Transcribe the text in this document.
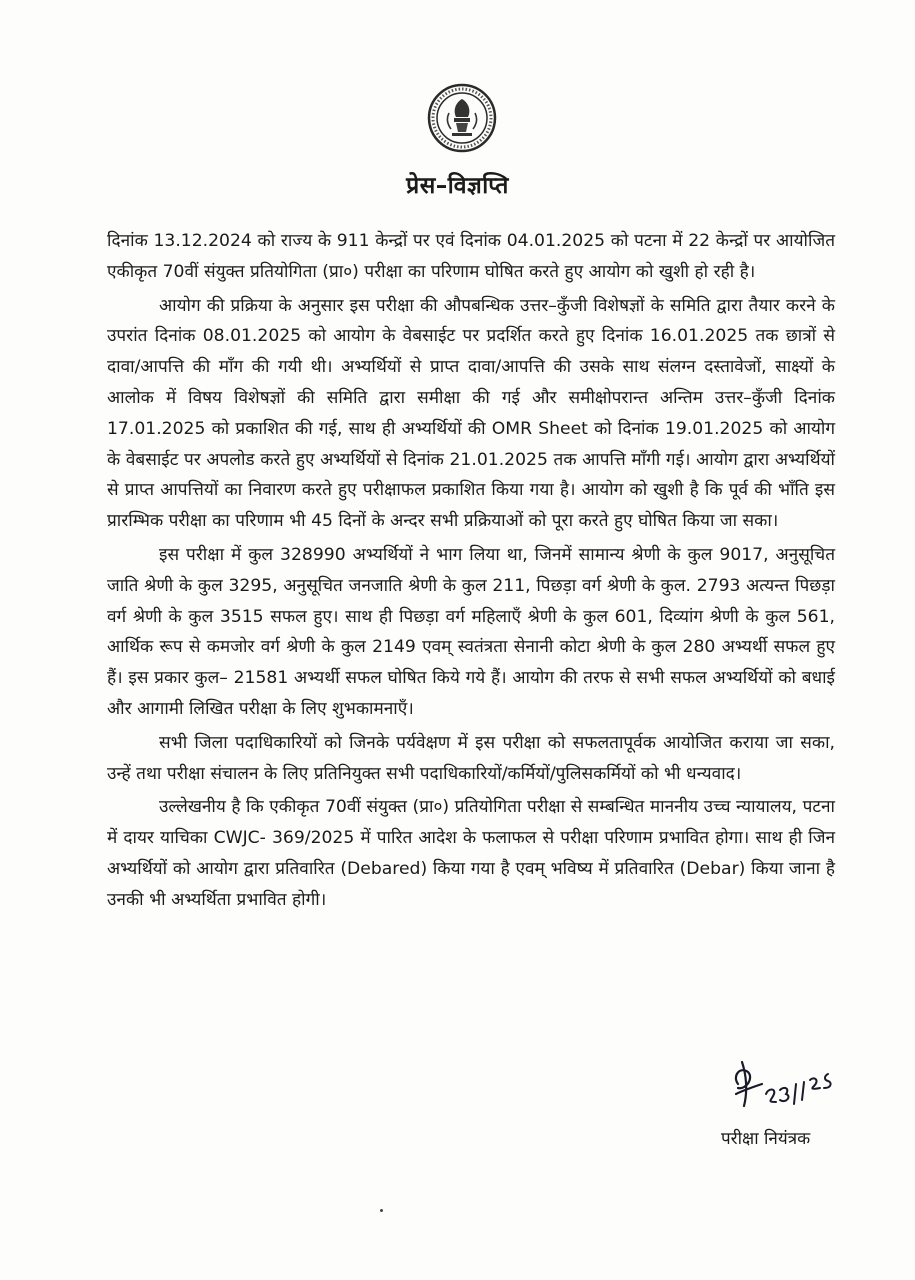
प्रेस–विज्ञप्ति

दिनांक 13.12.2024 को राज्य के 911 केन्द्रों पर एवं दिनांक 04.01.2025 को पटना में 22 केन्द्रों पर आयोजित एकीकृत 70वीं संयुक्त प्रतियोगिता (प्रा०) परीक्षा का परिणाम घोषित करते हुए आयोग को खुशी हो रही है।

आयोग की प्रक्रिया के अनुसार इस परीक्षा की औपबन्धिक उत्तर–कुँजी विशेषज्ञों के समिति द्वारा तैयार करने के उपरांत दिनांक 08.01.2025 को आयोग के वेबसाईट पर प्रदर्शित करते हुए दिनांक 16.01.2025 तक छात्रों से दावा/आपत्ति की माँग की गयी थी। अभ्यर्थियों से प्राप्त दावा/आपत्ति की उसके साथ संलग्न दस्तावेजों, साक्ष्यों के आलोक में विषय विशेषज्ञों की समिति द्वारा समीक्षा की गई और समीक्षोपरान्त अन्तिम उत्तर–कुँजी दिनांक 17.01.2025 को प्रकाशित की गई, साथ ही अभ्यर्थियों की OMR Sheet को दिनांक 19.01.2025 को आयोग के वेबसाईट पर अपलोड करते हुए अभ्यर्थियों से दिनांक 21.01.2025 तक आपत्ति माँगी गई। आयोग द्वारा अभ्यर्थियों से प्राप्त आपत्तियों का निवारण करते हुए परीक्षाफल प्रकाशित किया गया है। आयोग को खुशी है कि पूर्व की भाँति इस प्रारम्भिक परीक्षा का परिणाम भी 45 दिनों के अन्दर सभी प्रक्रियाओं को पूरा करते हुए घोषित किया जा सका।

इस परीक्षा में कुल 328990 अभ्यर्थियों ने भाग लिया था, जिनमें सामान्य श्रेणी के कुल 9017, अनुसूचित जाति श्रेणी के कुल 3295, अनुसूचित जनजाति श्रेणी के कुल 211, पिछड़ा वर्ग श्रेणी के कुल. 2793 अत्यन्त पिछड़ा वर्ग श्रेणी के कुल 3515 सफल हुए। साथ ही पिछड़ा वर्ग महिलाएँ श्रेणी के कुल 601, दिव्यांग श्रेणी के कुल 561, आर्थिक रूप से कमजोर वर्ग श्रेणी के कुल 2149 एवम् स्वतंत्रता सेनानी कोटा श्रेणी के कुल 280 अभ्यर्थी सफल हुए हैं। इस प्रकार कुल– 21581 अभ्यर्थी सफल घोषित किये गये हैं। आयोग की तरफ से सभी सफल अभ्यर्थियों को बधाई और आगामी लिखित परीक्षा के लिए शुभकामनाएँ।

सभी जिला पदाधिकारियों को जिनके पर्यवेक्षण में इस परीक्षा को सफलतापूर्वक आयोजित कराया जा सका, उन्हें तथा परीक्षा संचालन के लिए प्रतिनियुक्त सभी पदाधिकारियों/कर्मियों/पुलिसकर्मियों को भी धन्यवाद।

उल्लेखनीय है कि एकीकृत 70वीं संयुक्त (प्रा०) प्रतियोगिता परीक्षा से सम्बन्धित माननीय उच्च न्यायालय, पटना में दायर याचिका CWJC- 369/2025 में पारित आदेश के फलाफल से परीक्षा परिणाम प्रभावित होगा। साथ ही जिन अभ्यर्थियों को आयोग द्वारा प्रतिवारित (Debared) किया गया है एवम् भविष्य में प्रतिवारित (Debar) किया जाना है उनकी भी अभ्यर्थिता प्रभावित होगी।

परीक्षा नियंत्रक
